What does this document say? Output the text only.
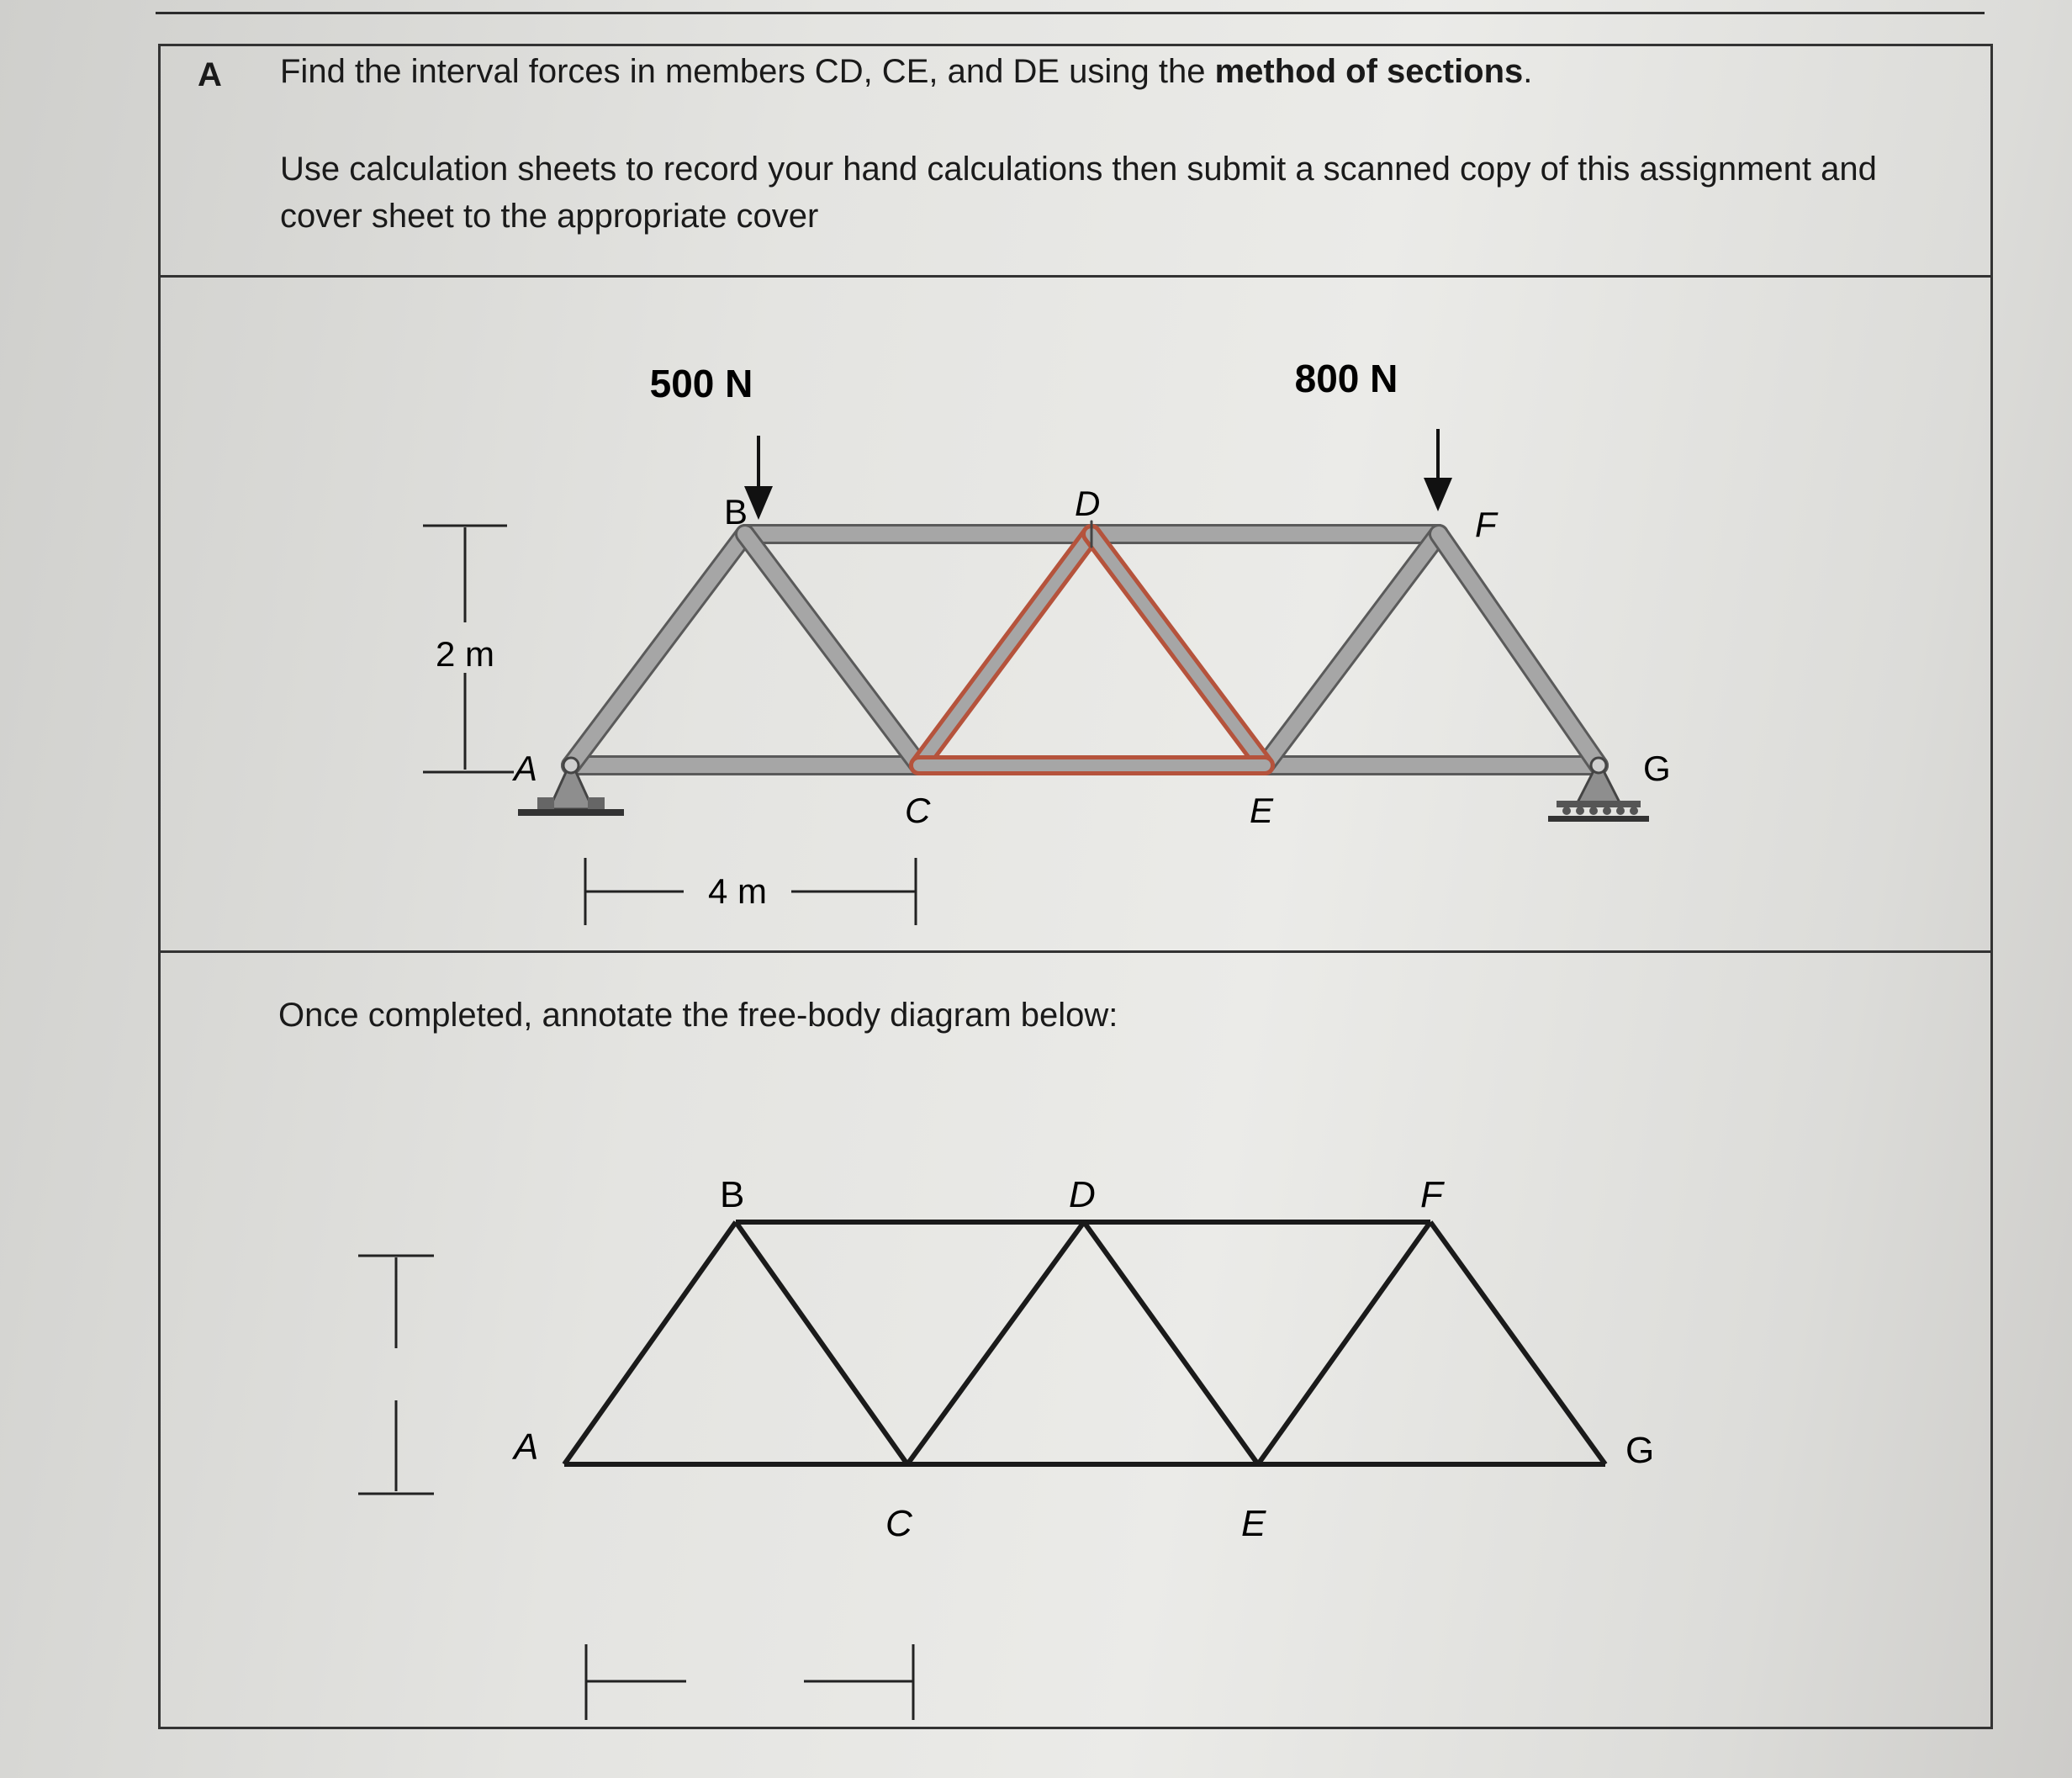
A Find the interval forces in members CD, CE, and DE using the method of sections.
Use calculation sheets to record your hand calculations then submit a scanned copy of this assignment and cover sheet to the appropriate cover
500 N	800 N
B	D
F
A
C	E
G
2 m
4 m
Once completed, annotate the free-body diagram below:
B	D	F
A
C	E
G
